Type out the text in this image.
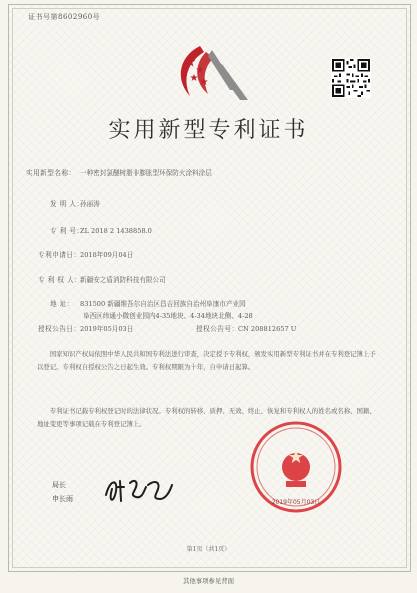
证书号第8602960号
实用新型专利证书
实用新型名称： 一种密封氯醚树脂非膨胀型环保防火涂料涂层
发 明 人：孙丽涛
专 利 号：ZL 2018 2 1438858.0
专利申请日：2018年09月04日
专 利 权 人：新疆安之盾消防科技有限公司
地 址： 831500 新疆维吾尔自治区昌吉回族自治州阜康市产业园
阜西区纬通小微创业园内4-35地块、4-34地块北侧、4-28
授权公告日：2019年05月03日	授权公告号：CN 208812657 U
国家知识产权局依照中华人民共和国专利法进行审查，决定授予专利权，颁发实用新型专利证书并在专利登记簿上予以登记。专利权自授权公告之日起生效。专利权期限为十年，自申请日起算。
专利证书记载专利权登记时的法律状况。专利权的转移、质押、无效、终止、恢复和专利权人的姓名或名称、国籍、地址变更等事项记载在专利登记簿上。
2019年05月03日
局长
申长雨
第1页（共1页）
其他事项参见背面
